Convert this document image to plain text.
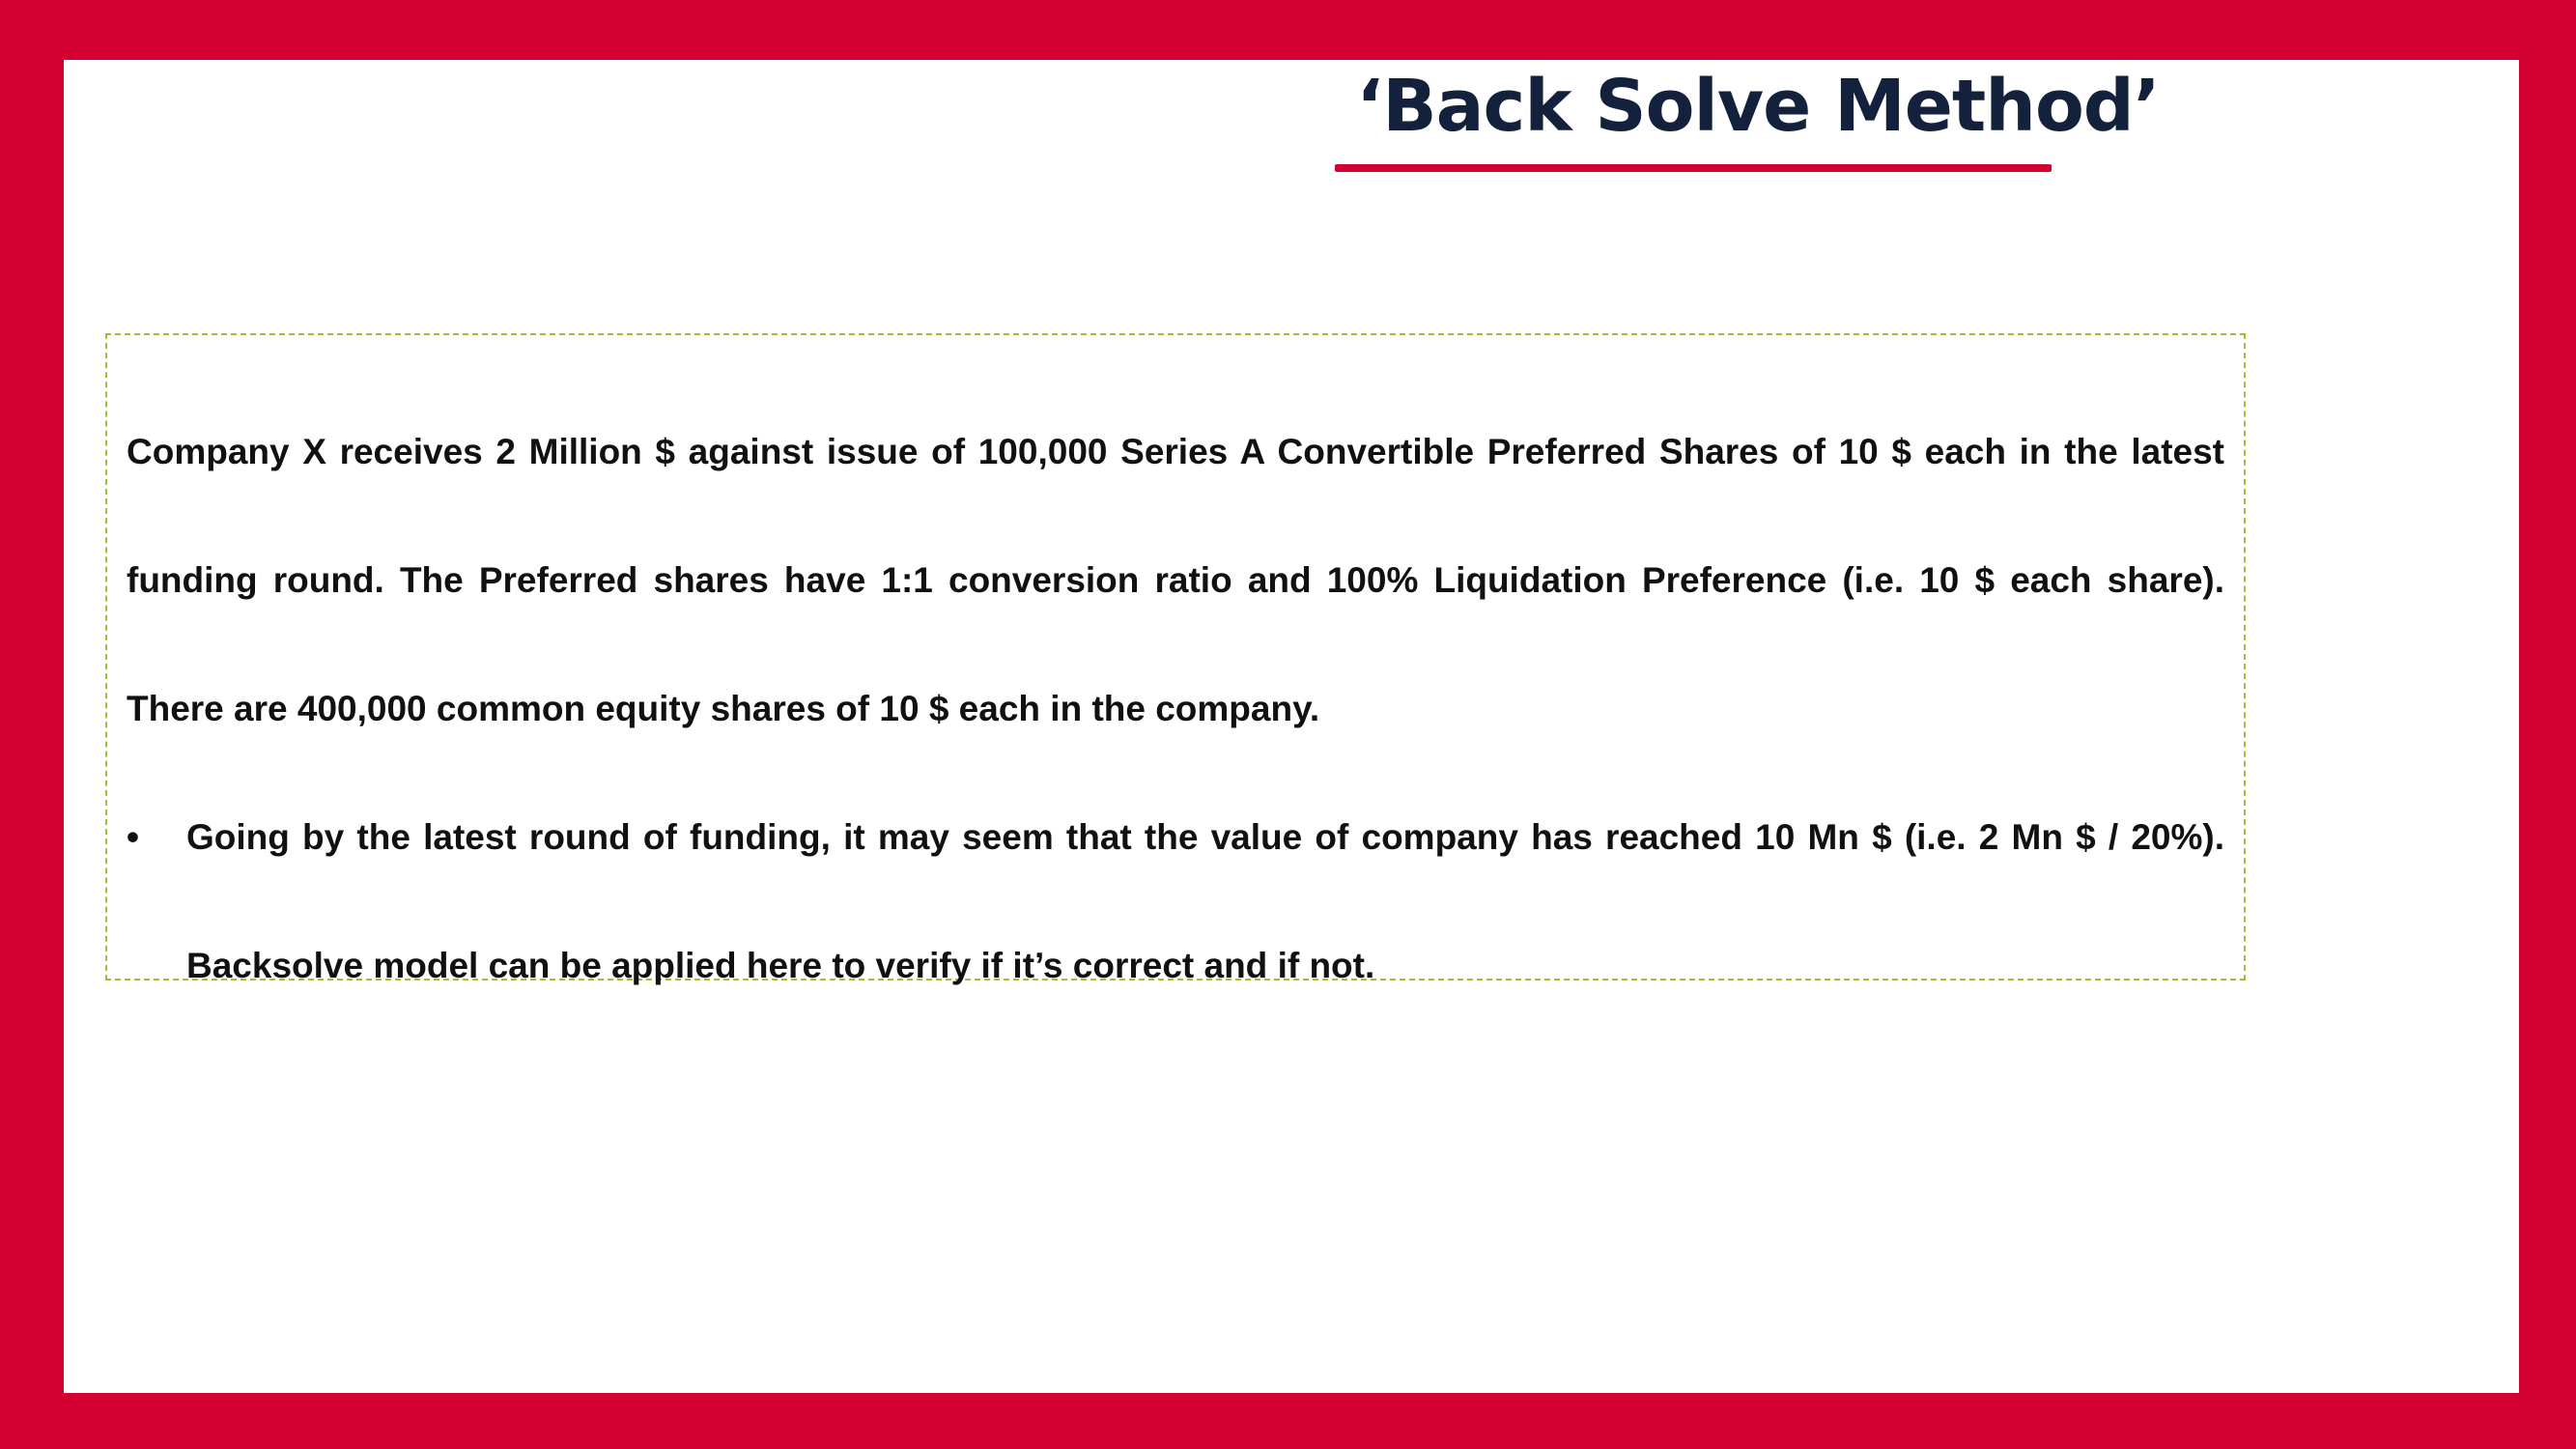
‘Back Solve Method’

Company X receives 2 Million $ against issue of 100,000 Series A Convertible Preferred Shares of 10 $ each in the latest funding round. The Preferred shares have 1:1 conversion ratio and 100% Liquidation Preference (i.e. 10 $ each share). There are 400,000 common equity shares of 10 $ each in the company.

•	Going by the latest round of funding, it may seem that the value of company has reached 10 Mn $ (i.e. 2 Mn $ / 20%). Backsolve model can be applied here to verify if it’s correct and if not.
